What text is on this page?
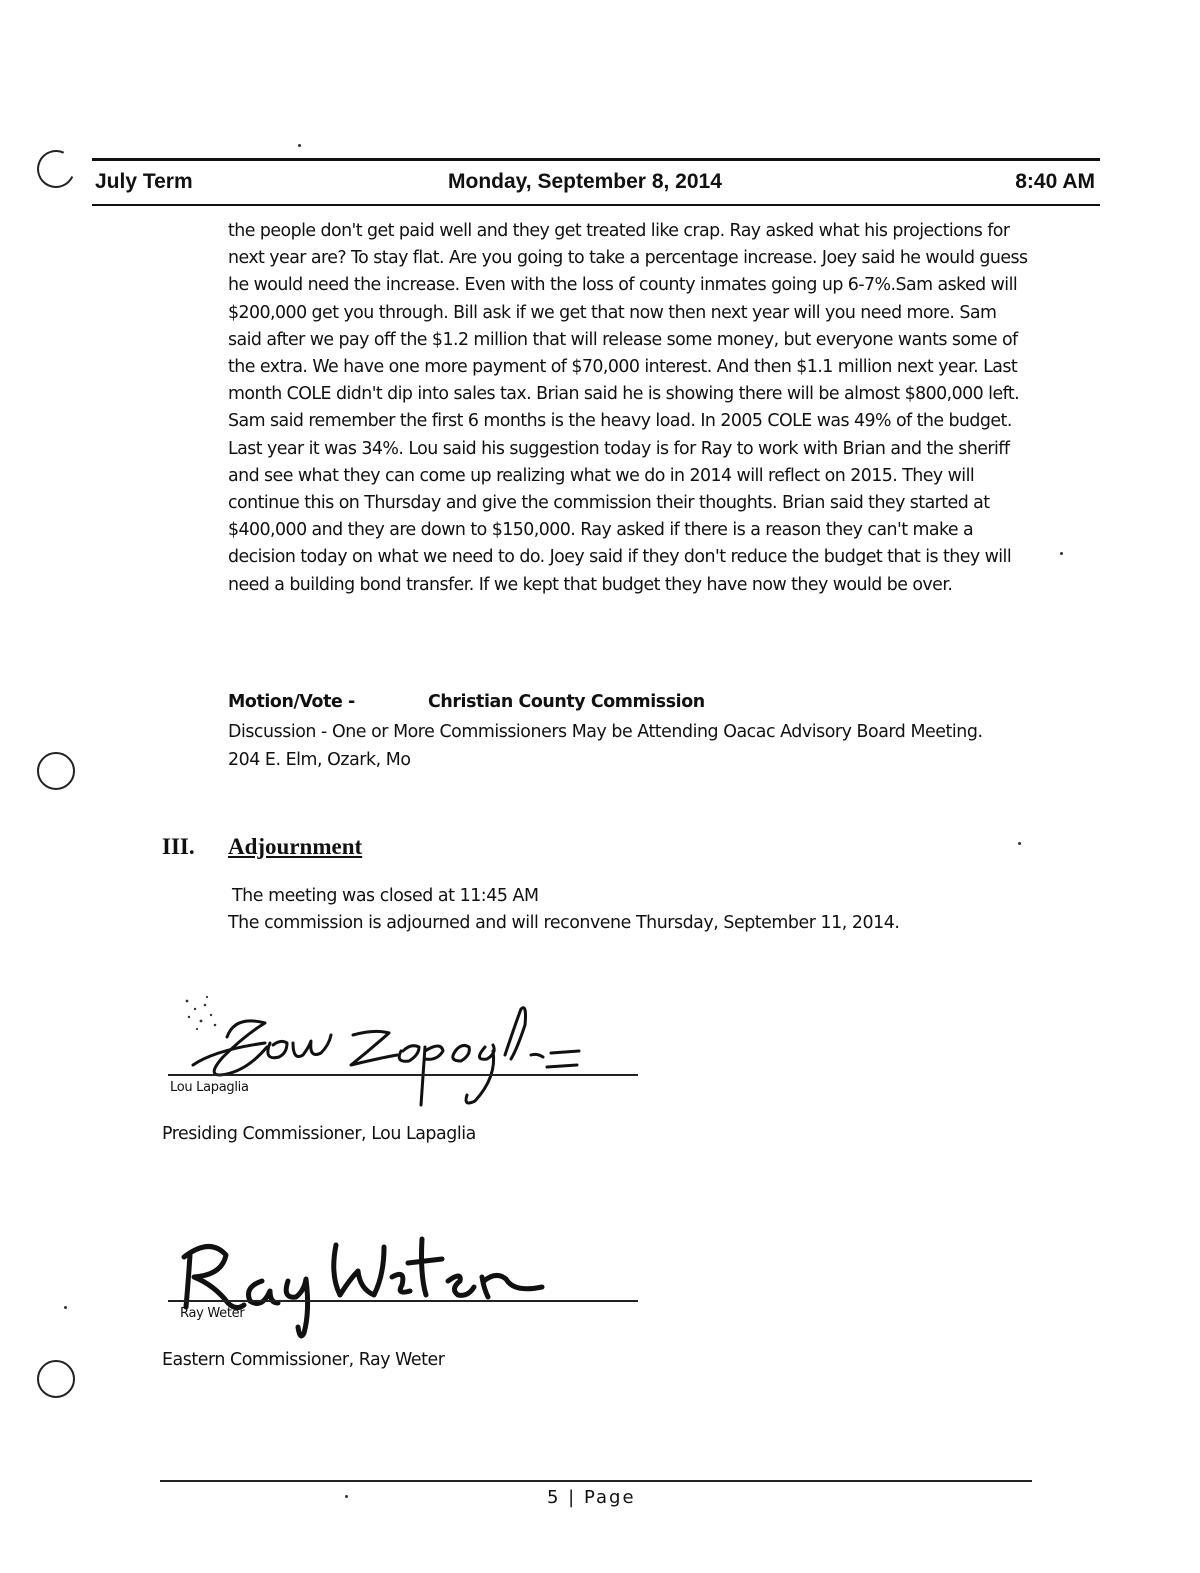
July Term	Monday, September 8, 2014	8:40 AM

the people don't get paid well and they get treated like crap. Ray asked what his projections for next year are? To stay flat. Are you going to take a percentage increase. Joey said he would guess he would need the increase. Even with the loss of county inmates going up 6-7%.Sam asked will $200,000 get you through. Bill ask if we get that now then next year will you need more. Sam said after we pay off the $1.2 million that will release some money, but everyone wants some of the extra. We have one more payment of $70,000 interest. And then $1.1 million next year. Last month COLE didn't dip into sales tax. Brian said he is showing there will be almost $800,000 left. Sam said remember the first 6 months is the heavy load. In 2005 COLE was 49% of the budget. Last year it was 34%. Lou said his suggestion today is for Ray to work with Brian and the sheriff and see what they can come up realizing what we do in 2014 will reflect on 2015. They will continue this on Thursday and give the commission their thoughts. Brian said they started at $400,000 and they are down to $150,000. Ray asked if there is a reason they can't make a decision today on what we need to do. Joey said if they don't reduce the budget that is they will need a building bond transfer. If we kept that budget they have now they would be over.

Motion/Vote -	Christian County Commission

Discussion - One or More Commissioners May be Attending Oacac Advisory Board Meeting. 204 E. Elm, Ozark, Mo

III. Adjournment
The meeting was closed at 11:45 AM
The commission is adjourned and will reconvene Thursday, September 11, 2014.
Lou Lapaglia
Presiding Commissioner, Lou Lapaglia
Ray Weter
Eastern Commissioner, Ray Weter
5 | Page
